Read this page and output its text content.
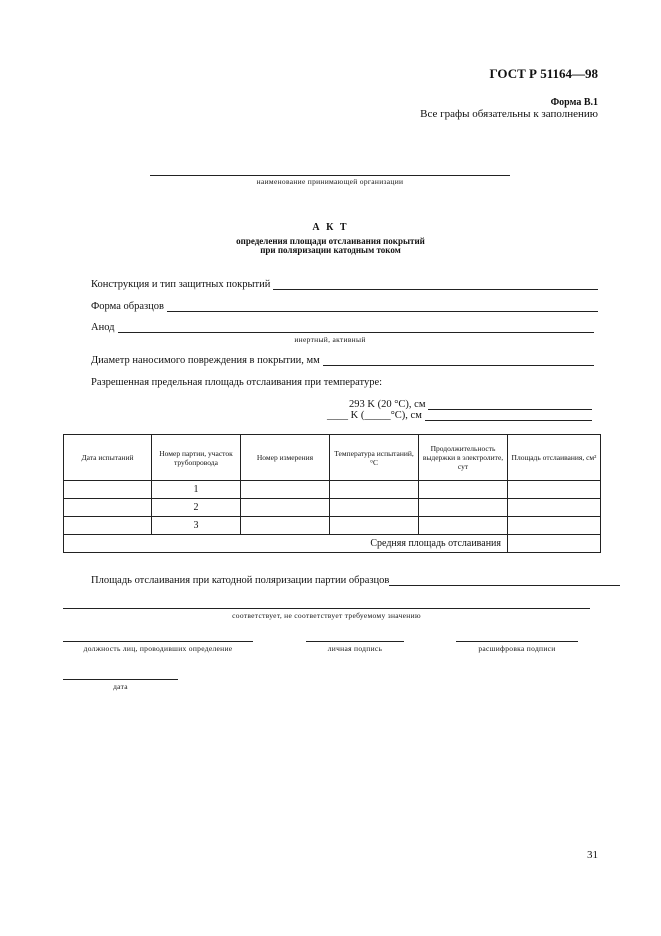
ГОСТ Р 51164—98
Форма В.1
Все графы обязательны к заполнению
наименование принимающей организации
А К Т
определения площади отслаивания покрытий
при поляризации катодным током
Конструкция и тип защитных покрытий
Форма образцов
Анод
инертный, активный
Диаметр наносимого повреждения в покрытии, мм
Разрешенная предельная площадь отслаивания при температуре:
293 K (20 °C), см
____ K ( _____°C), см
Дата испытаний	Номер партии, участок трубопровода	Номер измерения	Температура испытаний, °C	Продолжительность выдержки в электролите, сут	Площадь отслаивания, см²
	1				
	2				
	3				
Средняя площадь отслаивания					
Площадь отслаивания при катодной поляризации партии образцов
соответствует, не соответствует требуемому значению
должность лиц, проводивших определение	личная подпись	расшифровка подписи
дата
31
